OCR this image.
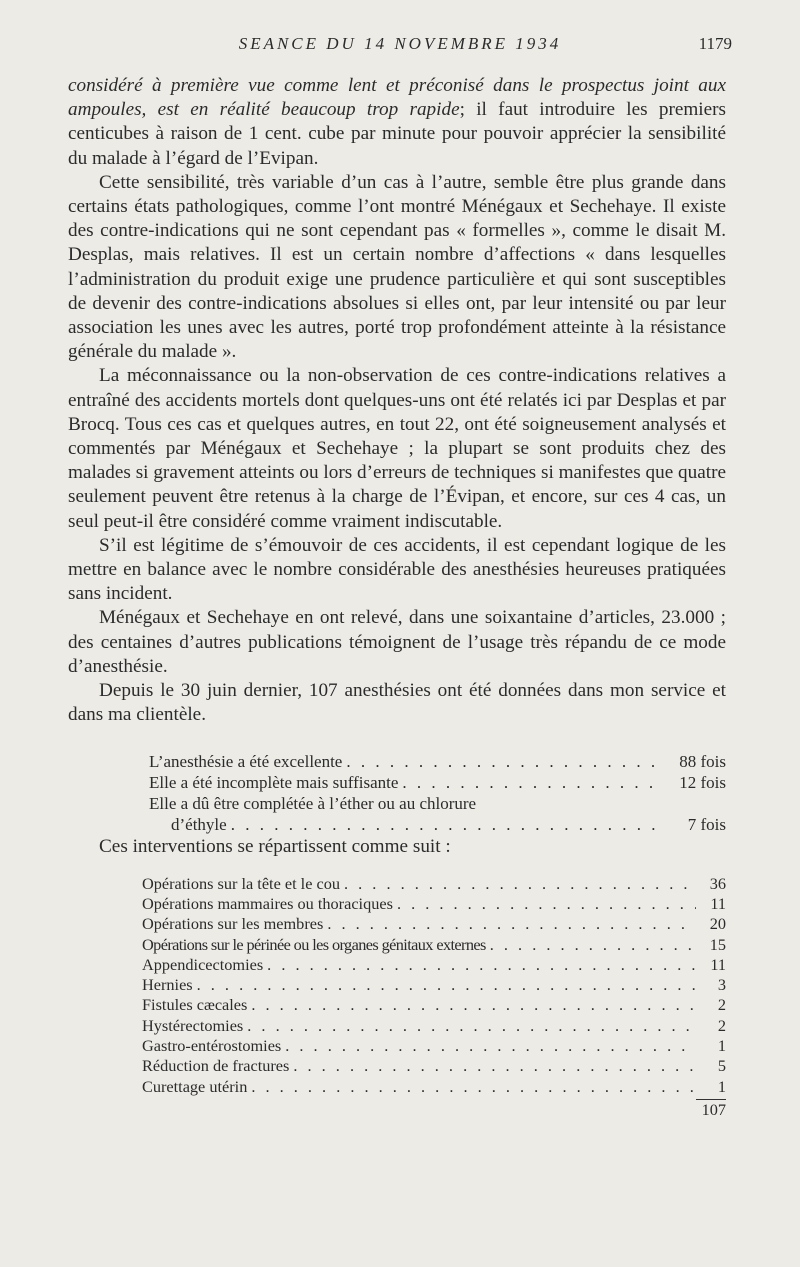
SEANCE DU 14 NOVEMBRE 1934	1179

considéré à première vue comme lent et préconisé dans le prospectus joint aux ampoules, est en réalité beaucoup trop rapide; il faut introduire les premiers centicubes à raison de 1 cent. cube par minute pour pouvoir apprécier la sensibilité du malade à l’égard de l’Evipan.

Cette sensibilité, très variable d’un cas à l’autre, semble être plus grande dans certains états pathologiques, comme l’ont montré Ménégaux et Sechehaye. Il existe des contre-indications qui ne sont cependant pas « formelles », comme le disait M. Desplas, mais relatives. Il est un certain nombre d’affections « dans lesquelles l’administration du produit exige une prudence particulière et qui sont susceptibles de devenir des contre-indications absolues si elles ont, par leur intensité ou par leur association les unes avec les autres, porté trop profondément atteinte à la résistance générale du malade ».

La méconnaissance ou la non-observation de ces contre-indications relatives a entraîné des accidents mortels dont quelques-uns ont été relatés ici par Desplas et par Brocq. Tous ces cas et quelques autres, en tout 22, ont été soigneusement analysés et commentés par Ménégaux et Sechehaye ; la plupart se sont produits chez des malades si gravement atteints ou lors d’erreurs de techniques si manifestes que quatre seulement peuvent être retenus à la charge de l’Évipan, et encore, sur ces 4 cas, un seul peut-il être considéré comme vraiment indiscutable.

S’il est légitime de s’émouvoir de ces accidents, il est cependant logique de les mettre en balance avec le nombre considérable des anesthésies heureuses pratiquées sans incident.

Ménégaux et Sechehaye en ont relevé, dans une soixantaine d’articles, 23.000 ; des centaines d’autres publications témoignent de l’usage très répandu de ce mode d’anesthésie.

Depuis le 30 juin dernier, 107 anesthésies ont été données dans mon service et dans ma clientèle.

L’anesthésie a été excellente . . .	88 fois
Elle a été incomplète mais suffisante . . .	12 fois
Elle a dû être complétée à l’éther ou au chlorure
d’éthyle . . .	7 fois

Ces interventions se répartissent comme suit :

Opérations sur la tête et le cou . . .	36
Opérations mammaires ou thoraciques . . .	11
Opérations sur les membres . . .	20
Opérations sur le périnée ou les organes génitaux externes . . .	15
Appendicectomies . . .	11
Hernies . . .	3
Fistules cæcales . . .	2
Hystérectomies . . .	2
Gastro-entérostomies . . .	1
Réduction de fractures . . .	5
Curettage utérin . . .	1
107
